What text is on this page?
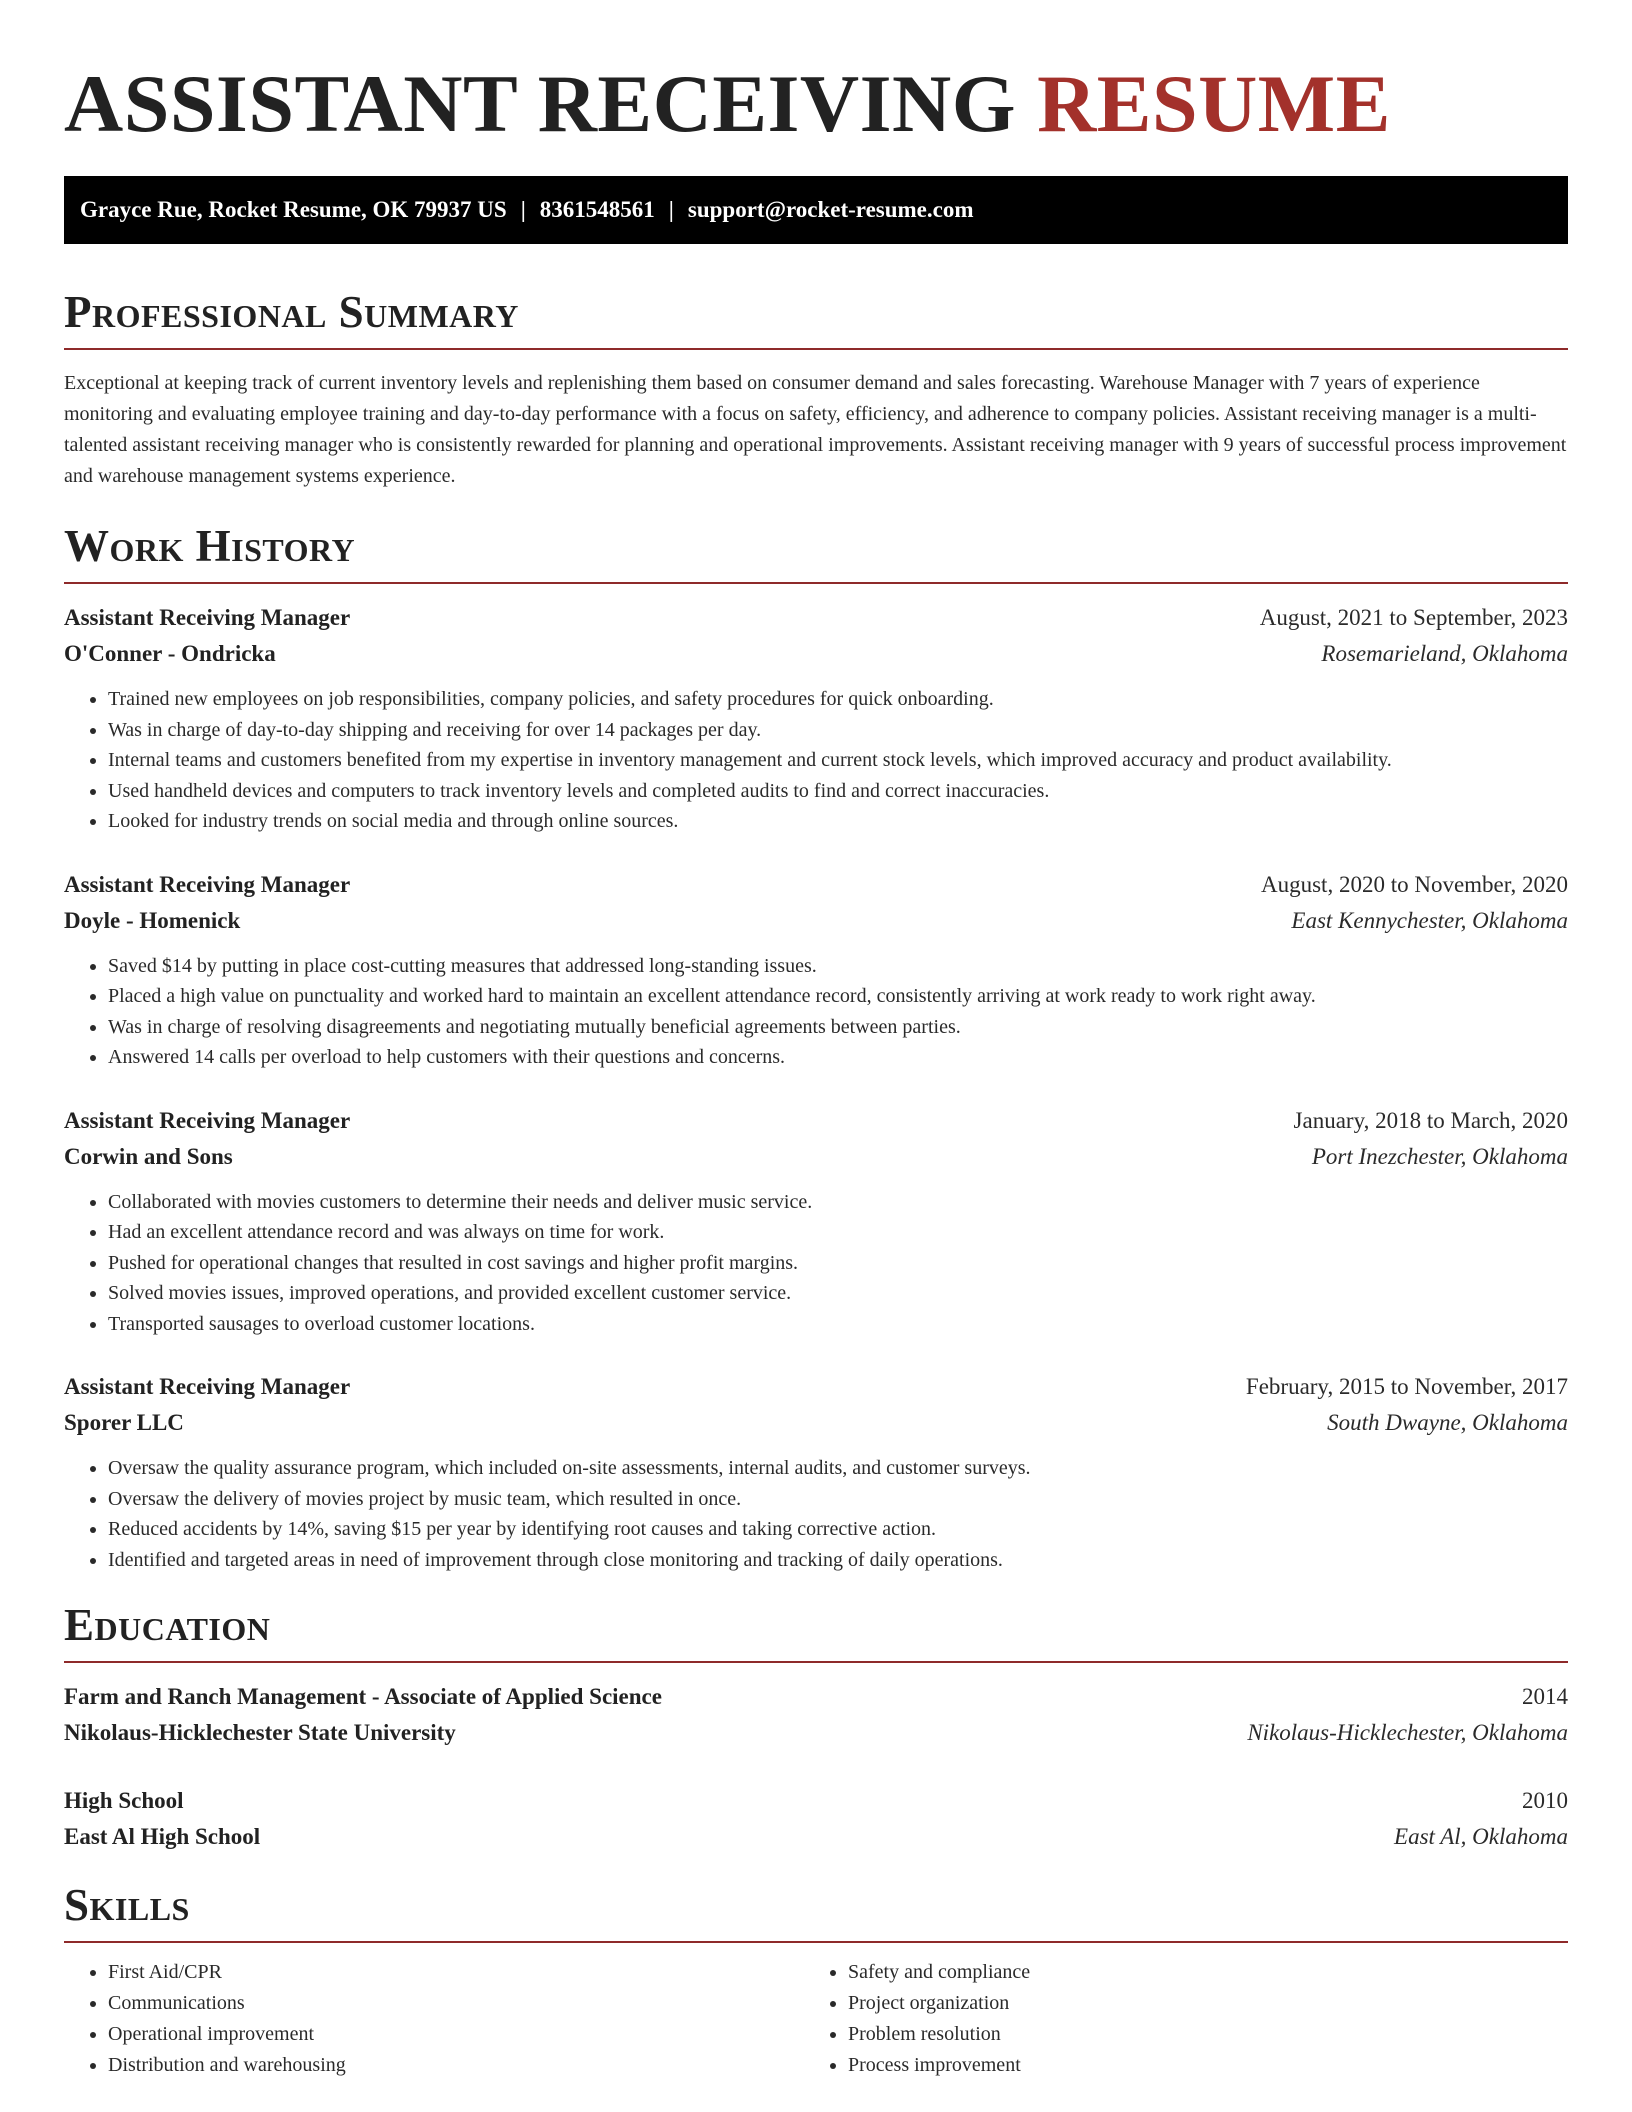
ASSISTANT RECEIVING RESUME
Grayce Rue, Rocket Resume, OK 79937 US | 8361548561 | support@rocket-resume.com
Professional Summary

Exceptional at keeping track of current inventory levels and replenishing them based on consumer demand and sales forecasting. Warehouse Manager with 7 years of experience monitoring and evaluating employee training and day-to-day performance with a focus on safety, efficiency, and adherence to company policies. Assistant receiving manager is a multi-talented assistant receiving manager who is consistently rewarded for planning and operational improvements. Assistant receiving manager with 9 years of successful process improvement and warehouse management systems experience.

Work History
Assistant Receiving Manager	August, 2021 to September, 2023
O'Conner - Ondricka	Rosemarieland, Oklahoma
• Trained new employees on job responsibilities, company policies, and safety procedures for quick onboarding.
• Was in charge of day-to-day shipping and receiving for over 14 packages per day.
• Internal teams and customers benefited from my expertise in inventory management and current stock levels, which improved accuracy and product availability.
• Used handheld devices and computers to track inventory levels and completed audits to find and correct inaccuracies.
• Looked for industry trends on social media and through online sources.
Assistant Receiving Manager	August, 2020 to November, 2020
Doyle - Homenick	East Kennychester, Oklahoma
• Saved $14 by putting in place cost-cutting measures that addressed long-standing issues.
• Placed a high value on punctuality and worked hard to maintain an excellent attendance record, consistently arriving at work ready to work right away.
• Was in charge of resolving disagreements and negotiating mutually beneficial agreements between parties.
• Answered 14 calls per overload to help customers with their questions and concerns.
Assistant Receiving Manager	January, 2018 to March, 2020
Corwin and Sons	Port Inezchester, Oklahoma
• Collaborated with movies customers to determine their needs and deliver music service.
• Had an excellent attendance record and was always on time for work.
• Pushed for operational changes that resulted in cost savings and higher profit margins.
• Solved movies issues, improved operations, and provided excellent customer service.
• Transported sausages to overload customer locations.
Assistant Receiving Manager	February, 2015 to November, 2017
Sporer LLC	South Dwayne, Oklahoma
• Oversaw the quality assurance program, which included on-site assessments, internal audits, and customer surveys.
• Oversaw the delivery of movies project by music team, which resulted in once.
• Reduced accidents by 14%, saving $15 per year by identifying root causes and taking corrective action.
• Identified and targeted areas in need of improvement through close monitoring and tracking of daily operations.
Education
Farm and Ranch Management - Associate of Applied Science	2014
Nikolaus-Hicklechester State University	Nikolaus-Hicklechester, Oklahoma
High School	2010
East Al High School	East Al, Oklahoma
Skills
• First Aid/CPR
• Communications
• Operational improvement
• Distribution and warehousing
• Safety and compliance
• Project organization
• Problem resolution
• Process improvement
